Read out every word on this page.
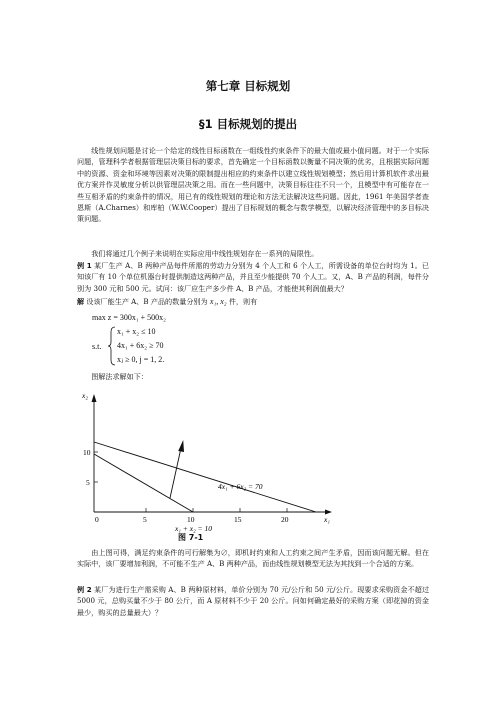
第七章 目标规划
§1 目标规划的提出

线性规划问题是讨论一个给定的线性目标函数在一组线性约束条件下的最大值或最小值问题。对于一个实际问题，管理科学者根据管理层决策目标的要求，首先确定一个目标函数以衡量不同决策的优劣，且根据实际问题中的资源、资金和环境等因素对决策的限制提出相应的约束条件以建立线性规划模型；然后用计算机软件求出最优方案并作灵敏度分析以供管理层决策之用。而在一些问题中，决策目标往往不只一个，且模型中有可能存在一些互相矛盾的约束条件的情况，用已有的线性规划的理论和方法无法解决这些问题。因此，1961 年美国学者查恩斯（A.Charnes）和库柏（W.W.Cooper）提出了目标规划的概念与数学模型，以解决经济管理中的多目标决策问题。

我们将通过几个例子来说明在实际应用中线性规划存在一系列的局限性。

例 1 某厂生产 A、B 两种产品每件所需的劳动力分别为 4 个人工和 6 个人工，所需设备的单位台时均为 1。已知该厂有 10 个单位机器台时提供制造这两种产品，并且至少能提供 70 个人工。又，A、B 产品的利润，每件分别为 300 元和 500 元。试问：该厂应生产多少件 A、B 产品，才能使其利润值最大？

解 设该厂能生产 A、B 产品的数量分别为 x₁, x₂ 件，则有

max z = 300x₁ + 500x₂
s.t.
x₁ + x₂ ≤ 10
4x₁ + 6x₂ ≥ 70
xⱼ ≥ 0, j = 1, 2.

图解法求解如下：

10
5
0	5	10	15	20
x₂
x₁
4x₁ + 6x₂ = 70
x₁ + x₂ = 10
图 7-1

由上图可得，满足约束条件的可行解集为∅，即机时约束和人工约束之间产生矛盾，因而该问题无解。但在实际中，该厂要增加利润，不可能不生产 A、B 两种产品，而由线性规划模型无法为其找到一个合适的方案。

例 2 某厂为进行生产需采购 A、B 两种原材料，单价分别为 70 元/公斤和 50 元/公斤。现要求采购资金不超过 5000 元，总购买量不少于 80 公斤，而 A 原材料不少于 20 公斤。问如何确定最好的采购方案（即花掉的资金最少，购买的总量最大）？
